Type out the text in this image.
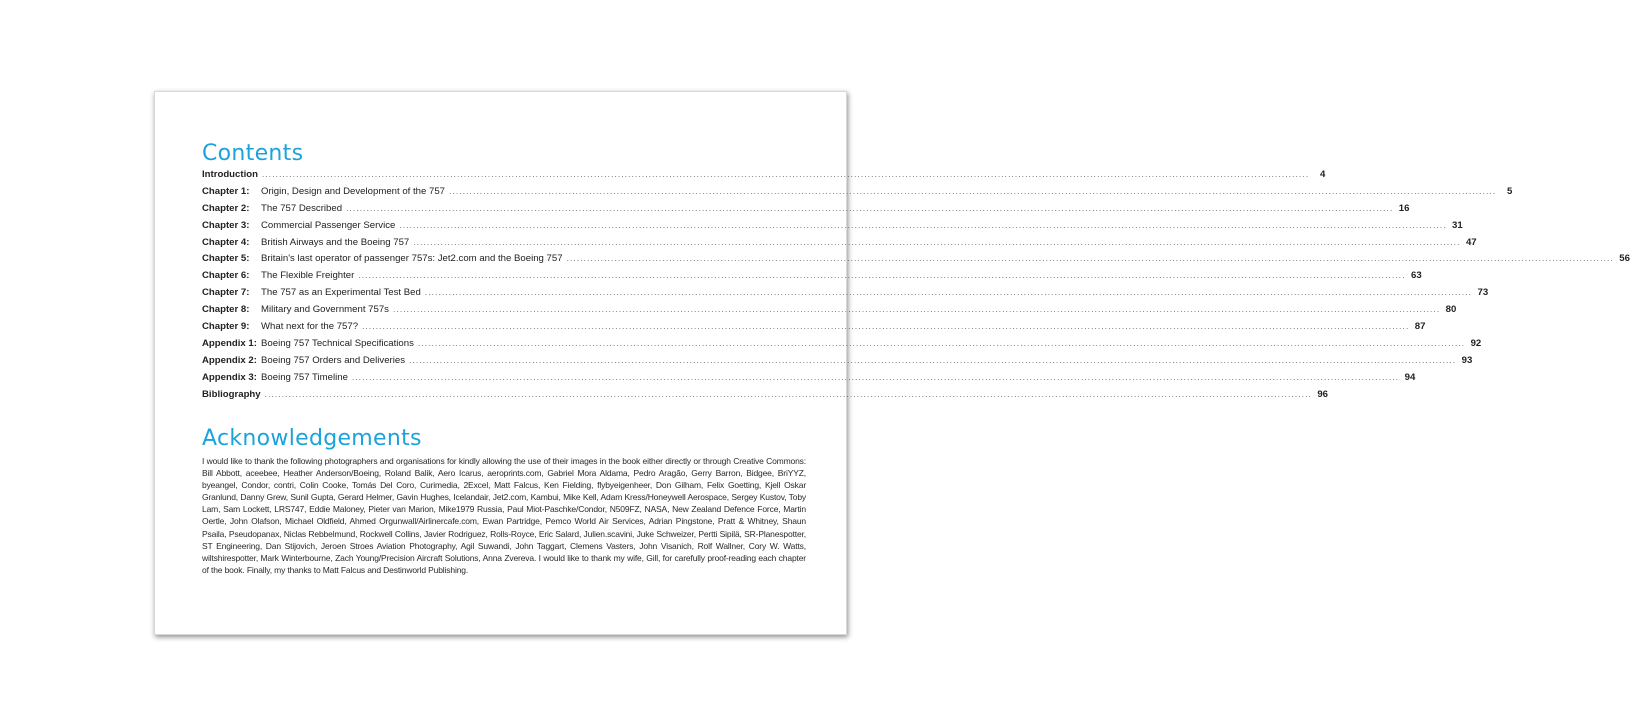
Contents
Introduction .....	4
Chapter 1:	Origin, Design and Development of the 757 .....	5
Chapter 2:	The 757 Described .....	16
Chapter 3:	Commercial Passenger Service .....	31
Chapter 4:	British Airways and the Boeing 757 .....	47
Chapter 5:	Britain's last operator of passenger 757s: Jet2.com and the Boeing 757 .....	56
Chapter 6:	The Flexible Freighter .....	63
Chapter 7:	The 757 as an Experimental Test Bed .....	73
Chapter 8:	Military and Government 757s .....	80
Chapter 9:	What next for the 757? .....	87
Appendix 1: Boeing 757 Technical Specifications .....	92
Appendix 2: Boeing 757 Orders and Deliveries .....	93
Appendix 3: Boeing 757 Timeline .....	94
Bibliography .....	96
Acknowledgements

I would like to thank the following photographers and organisations for kindly allowing the use of their images in the book either directly or through Creative Commons: Bill Abbott, aceebee, Heather Anderson/Boeing, Roland Balik, Aero Icarus, aeroprints.com, Gabriel Mora Aldama, Pedro Aragão, Gerry Barron, Bidgee, BriYYZ, byeangel, Condor, contri, Colin Cooke, Tomás Del Coro, Curimedia, 2Excel, Matt Falcus, Ken Fielding, flybyeigenheer, Don Gilham, Felix Goetting, Kjell Oskar Granlund, Danny Grew, Sunil Gupta, Gerard Helmer, Gavin Hughes, Icelandair, Jet2.com, Kambui, Mike Kell, Adam Kress/Honeywell Aerospace, Sergey Kustov, Toby Lam, Sam Lockett, LRS747, Eddie Maloney, Pieter van Marion, Mike1979 Russia, Paul Miot-Paschke/Condor, N509FZ, NASA, New Zealand Defence Force, Martin Oertle, John Olafson, Michael Oldfield, Ahmed Orgunwall/Airlinercafe.com, Ewan Partridge, Pemco World Air Services, Adrian Pingstone, Pratt & Whitney, Shaun Psaila, Pseudopanax, Niclas Rebbelmund, Rockwell Collins, Javier Rodriguez, Rolls-Royce, Eric Salard, Julien.scavini, Juke Schweizer, Pertti Sipilä, SR-Planespotter, ST Engineering, Dan Stijovich, Jeroen Stroes Aviation Photography, Agil Suwandi, John Taggart, Clemens Vasters, John Visanich, Rolf Wallner, Cory W. Watts, wiltshirespotter, Mark Winterbourne, Zach Young/Precision Aircraft Solutions, Anna Zvereva. I would like to thank my wife, Gill, for carefully proof-reading each chapter of the book. Finally, my thanks to Matt Falcus and Destinworld Publishing.
